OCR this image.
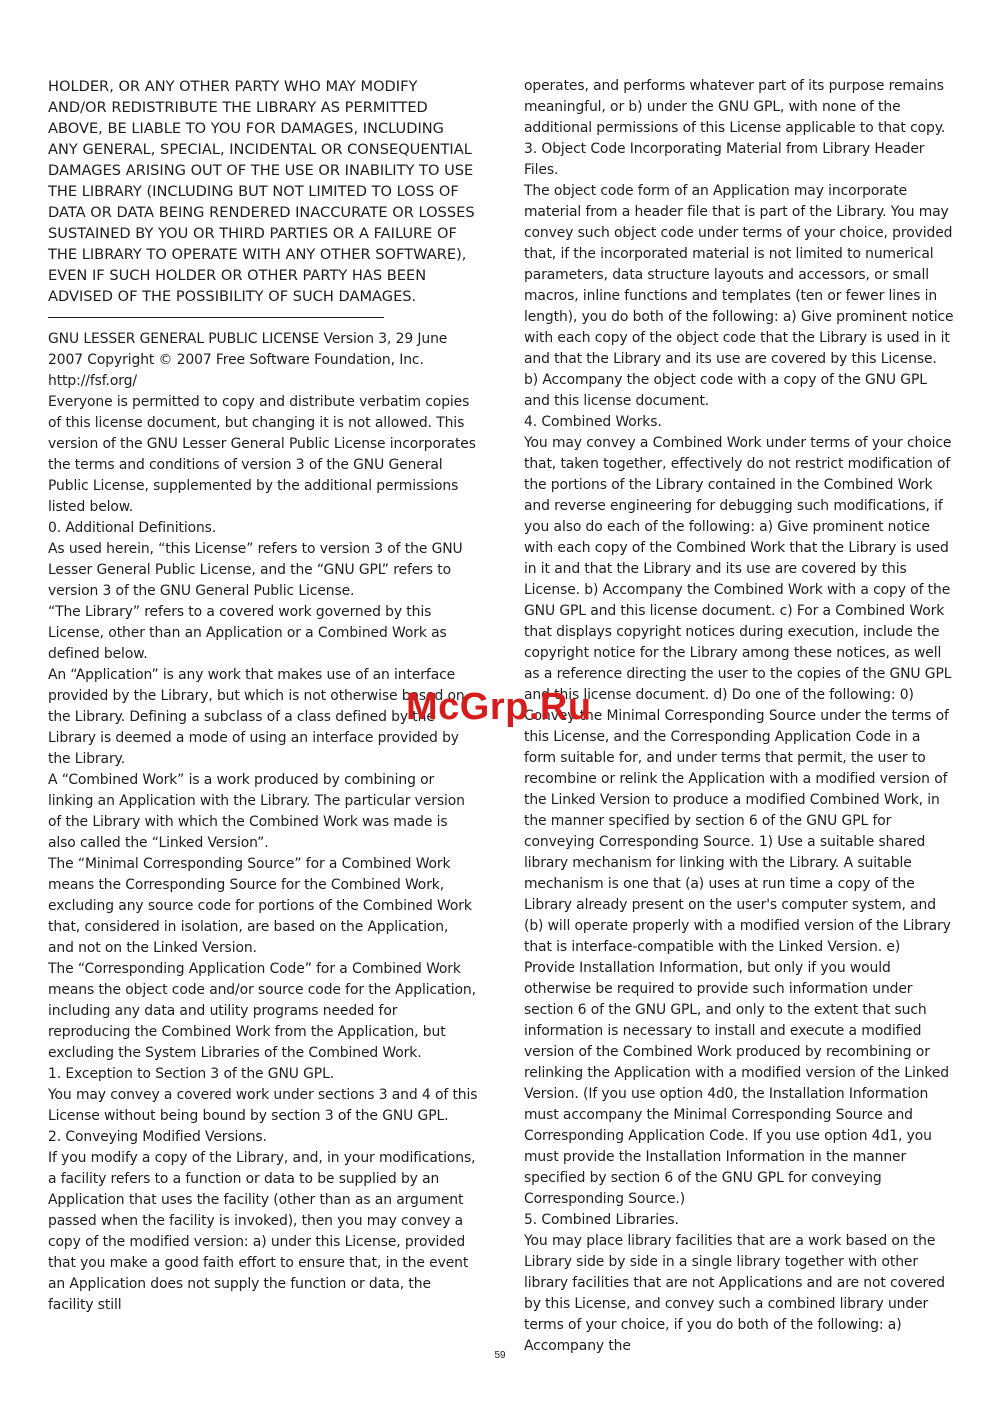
HOLDER, OR ANY OTHER PARTY WHO MAY MODIFY AND/OR REDISTRIBUTE THE LIBRARY AS PERMITTED ABOVE, BE LIABLE TO YOU FOR DAMAGES, INCLUDING ANY GENERAL, SPECIAL, INCIDENTAL OR CONSEQUENTIAL DAMAGES ARISING OUT OF THE USE OR INABILITY TO USE THE LIBRARY (INCLUDING BUT NOT LIMITED TO LOSS OF DATA OR DATA BEING RENDERED INACCURATE OR LOSSES SUSTAINED BY YOU OR THIRD PARTIES OR A FAILURE OF THE LIBRARY TO OPERATE WITH ANY OTHER SOFTWARE), EVEN IF SUCH HOLDER OR OTHER PARTY HAS BEEN ADVISED OF THE POSSIBILITY OF SUCH DAMAGES.

GNU LESSER GENERAL PUBLIC LICENSE Version 3, 29 June 2007 Copyright © 2007 Free Software Foundation, Inc. http://fsf.org/

Everyone is permitted to copy and distribute verbatim copies of this license document, but changing it is not allowed. This version of the GNU Lesser General Public License incorporates the terms and conditions of version 3 of the GNU General Public License, supplemented by the additional permissions listed below.

0. Additional Definitions.

As used herein, “this License” refers to version 3 of the GNU Lesser General Public License, and the “GNU GPL” refers to version 3 of the GNU General Public License.

“The Library” refers to a covered work governed by this License, other than an Application or a Combined Work as defined below.

An “Application” is any work that makes use of an interface provided by the Library, but which is not otherwise based on the Library. Defining a subclass of a class defined by the Library is deemed a mode of using an interface provided by the Library.

A “Combined Work” is a work produced by combining or linking an Application with the Library. The particular version of the Library with which the Combined Work was made is also called the “Linked Version”.

The “Minimal Corresponding Source” for a Combined Work means the Corresponding Source for the Combined Work, excluding any source code for portions of the Combined Work that, considered in isolation, are based on the Application, and not on the Linked Version.

The “Corresponding Application Code” for a Combined Work means the object code and/or source code for the Application, including any data and utility programs needed for reproducing the Combined Work from the Application, but excluding the System Libraries of the Combined Work.

1. Exception to Section 3 of the GNU GPL.

You may convey a covered work under sections 3 and 4 of this License without being bound by section 3 of the GNU GPL.

2. Conveying Modified Versions.

If you modify a copy of the Library, and, in your modifications, a facility refers to a function or data to be supplied by an Application that uses the facility (other than as an argument passed when the facility is invoked), then you may convey a copy of the modified version: a) under this License, provided that you make a good faith effort to ensure that, in the event an Application does not supply the function or data, the facility still

operates, and performs whatever part of its purpose remains meaningful, or b) under the GNU GPL, with none of the additional permissions of this License applicable to that copy.

3. Object Code Incorporating Material from Library Header Files.

The object code form of an Application may incorporate material from a header file that is part of the Library. You may convey such object code under terms of your choice, provided that, if the incorporated material is not limited to numerical parameters, data structure layouts and accessors, or small macros, inline functions and templates (ten or fewer lines in length), you do both of the following: a) Give prominent notice with each copy of the object code that the Library is used in it and that the Library and its use are covered by this License. b) Accompany the object code with a copy of the GNU GPL and this license document.

4. Combined Works.

You may convey a Combined Work under terms of your choice that, taken together, effectively do not restrict modification of the portions of the Library contained in the Combined Work and reverse engineering for debugging such modifications, if you also do each of the following: a) Give prominent notice with each copy of the Combined Work that the Library is used in it and that the Library and its use are covered by this License. b) Accompany the Combined Work with a copy of the GNU GPL and this license document. c) For a Combined Work that displays copyright notices during execution, include the copyright notice for the Library among these notices, as well as a reference directing the user to the copies of the GNU GPL and this license document. d) Do one of the following: 0) Convey the Minimal Corresponding Source under the terms of this License, and the Corresponding Application Code in a form suitable for, and under terms that permit, the user to recombine or relink the Application with a modified version of the Linked Version to produce a modified Combined Work, in the manner specified by section 6 of the GNU GPL for conveying Corresponding Source. 1) Use a suitable shared library mechanism for linking with the Library. A suitable mechanism is one that (a) uses at run time a copy of the Library already present on the user's computer system, and (b) will operate properly with a modified version of the Library that is interface-compatible with the Linked Version. e) Provide Installation Information, but only if you would otherwise be required to provide such information under section 6 of the GNU GPL, and only to the extent that such information is necessary to install and execute a modified version of the Combined Work produced by recombining or relinking the Application with a modified version of the Linked Version. (If you use option 4d0, the Installation Information must accompany the Minimal Corresponding Source and Corresponding Application Code. If you use option 4d1, you must provide the Installation Information in the manner specified by section 6 of the GNU GPL for conveying Corresponding Source.)

5. Combined Libraries.

You may place library facilities that are a work based on the Library side by side in a single library together with other library facilities that are not Applications and are not covered by this License, and convey such a combined library under terms of your choice, if you do both of the following: a) Accompany the

McGrp.Ru
59
